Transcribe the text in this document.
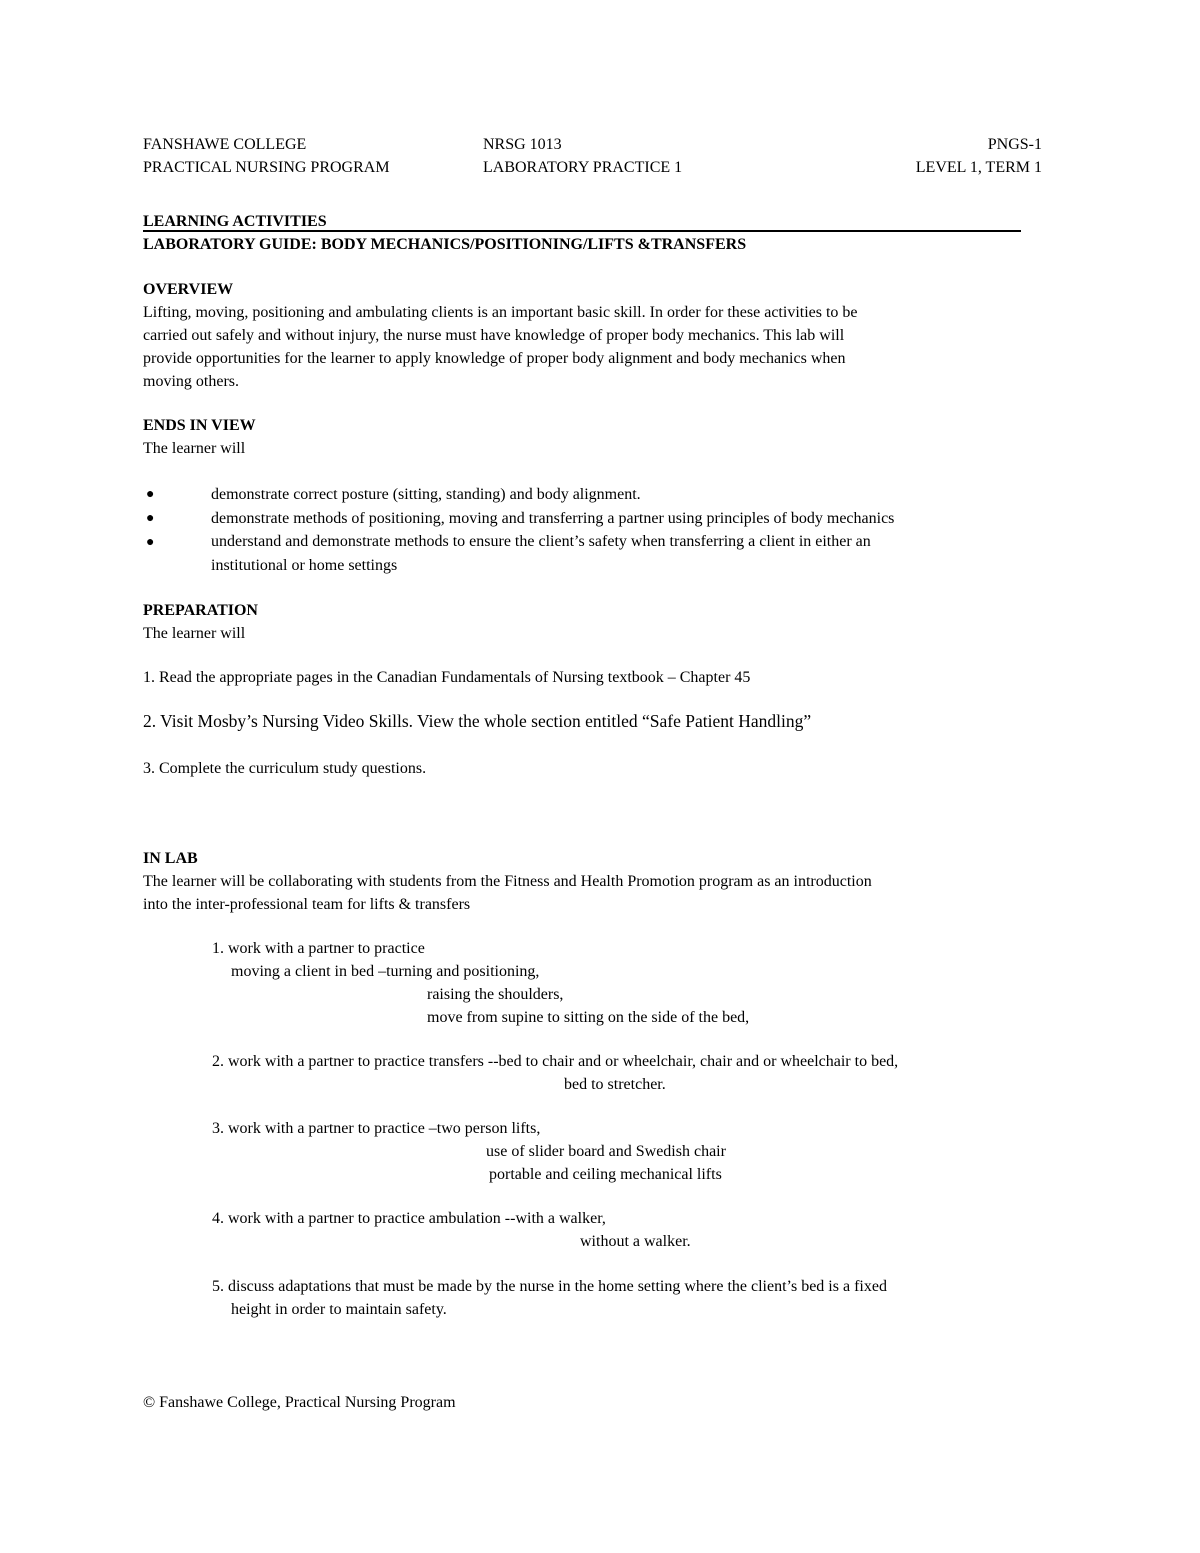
FANSHAWE COLLEGE	NRSG 1013	PNGS-1
PRACTICAL NURSING PROGRAM	LABORATORY PRACTICE 1	LEVEL 1, TERM 1
LEARNING ACTIVITIES
LABORATORY GUIDE: BODY MECHANICS/POSITIONING/LIFTS &TRANSFERS
OVERVIEW
Lifting, moving, positioning and ambulating clients is an important basic skill. In order for these activities to be
carried out safely and without injury, the nurse must have knowledge of proper body mechanics. This lab will
provide opportunities for the learner to apply knowledge of proper body alignment and body mechanics when
moving others.
ENDS IN VIEW
The learner will
●	demonstrate correct posture (sitting, standing) and body alignment.
●	demonstrate methods of positioning, moving and transferring a partner using principles of body mechanics
●	understand and demonstrate methods to ensure the client’s safety when transferring a client in either an
institutional or home settings
PREPARATION
The learner will
1. Read the appropriate pages in the Canadian Fundamentals of Nursing textbook – Chapter 45
2. Visit Mosby’s Nursing Video Skills. View the whole section entitled “Safe Patient Handling”
3. Complete the curriculum study questions.
IN LAB
The learner will be collaborating with students from the Fitness and Health Promotion program as an introduction
into the inter-professional team for lifts & transfers
1. work with a partner to practice
moving a client in bed –turning and positioning,
raising the shoulders,
move from supine to sitting on the side of the bed,
2. work with a partner to practice transfers --bed to chair and or wheelchair, chair and or wheelchair to bed,
bed to stretcher.
3. work with a partner to practice –two person lifts,
use of slider board and Swedish chair
portable and ceiling mechanical lifts
4. work with a partner to practice ambulation --with a walker,
without a walker.
5. discuss adaptations that must be made by the nurse in the home setting where the client’s bed is a fixed
height in order to maintain safety.
© Fanshawe College, Practical Nursing Program
